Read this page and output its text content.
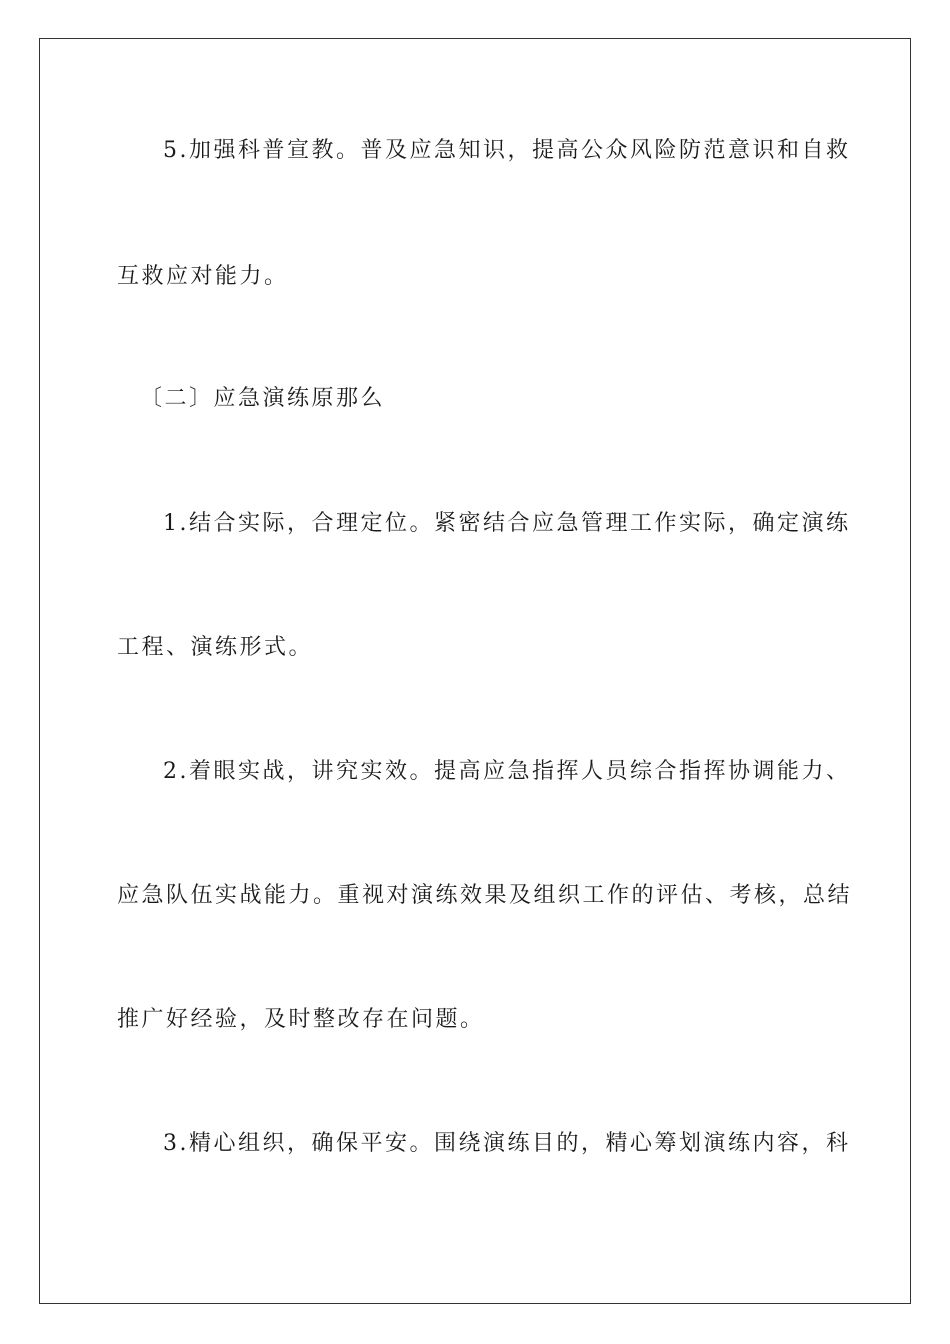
5.加强科普宣教。普及应急知识，提高公众风险防范意识和自救
互救应对能力。
〔二〕应急演练原那么
1.结合实际，合理定位。紧密结合应急管理工作实际，确定演练
工程、演练形式。
2.着眼实战，讲究实效。提高应急指挥人员综合指挥协调能力、
应急队伍实战能力。重视对演练效果及组织工作的评估、考核，总结
推广好经验，及时整改存在问题。
3.精心组织，确保平安。围绕演练目的，精心筹划演练内容，科
